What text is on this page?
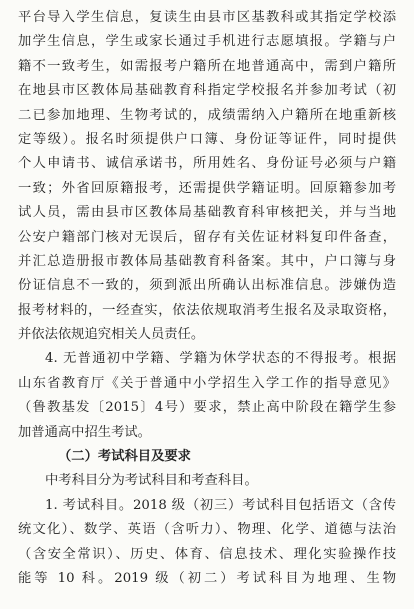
平台导入学生信息，复读生由县市区基教科或其指定学校添
加学生信息，学生或家长通过手机进行志愿填报。学籍与户
籍不一致考生，如需报考户籍所在地普通高中，需到户籍所
在地县市区教体局基础教育科指定学校报名并参加考试（初
二已参加地理、生物考试的，成绩需纳入户籍所在地重新核
定等级）。报名时须提供户口簿、身份证等证件，同时提供
个人申请书、诚信承诺书，所用姓名、身份证号必须与户籍
一致；外省回原籍报考，还需提供学籍证明。回原籍参加考
试人员，需由县市区教体局基础教育科审核把关，并与当地
公安户籍部门核对无误后，留存有关佐证材料复印件备查，
并汇总造册报市教体局基础教育科备案。其中，户口簿与身
份证信息不一致的，须到派出所确认出标准信息。涉嫌伪造
报考材料的，一经查实，依法依规取消考生报名及录取资格，
并依法依规追究相关人员责任。
4. 无普通初中学籍、学籍为休学状态的不得报考。根据
山东省教育厅《关于普通中小学招生入学工作的指导意见》
（鲁教基发〔2015〕4号）要求，禁止高中阶段在籍学生参
加普通高中招生考试。
（二）考试科目及要求
中考科目分为考试科目和考查科目。
1. 考试科目。2018 级（初三）考试科目包括语文（含传
统文化）、数学、英语（含听力）、物理、化学、道德与法治
（含安全常识）、历史、体育、信息技术、理化实验操作技
能等 10 科。2019 级（初二）考试科目为地理、生物
